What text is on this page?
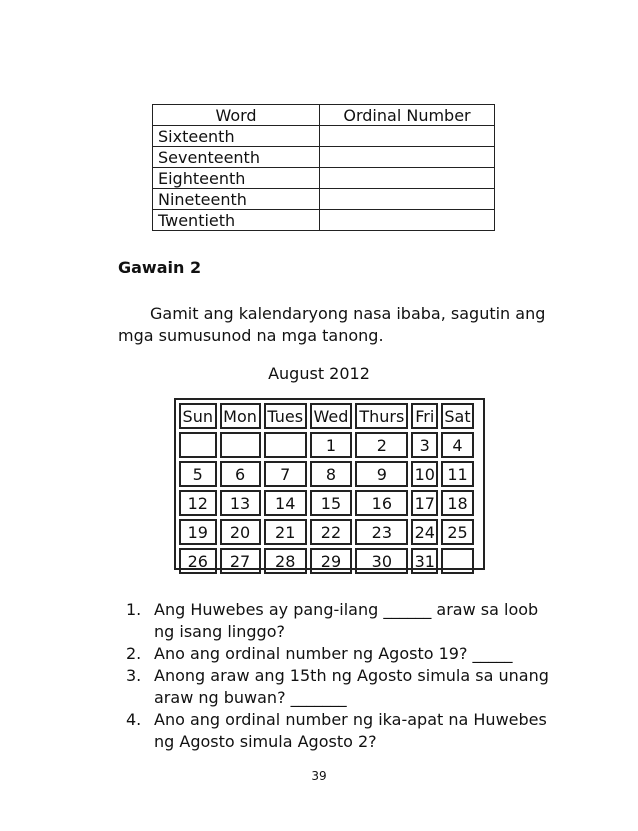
Word	Ordinal Number
Sixteenth	
Seventeenth	
Eighteenth	
Nineteenth	
Twentieth	
Gawain 2
Gamit ang kalendaryong nasa ibaba, sagutin ang mga sumusunod na mga tanong.
August 2012
Sun	Mon	Tues	Wed	Thurs	Fri	Sat
			1	2	3	4
5	6	7	8	9	10	11
12	13	14	15	16	17	18
19	20	21	22	23	24	25
26	27	28	29	30	31	
1. Ang Huwebes ay pang-ilang ______ araw sa loob ng isang linggo?
2. Ano ang ordinal number ng Agosto 19? _____
3. Anong araw ang 15th ng Agosto simula sa unang araw ng buwan? _______
4. Ano ang ordinal number ng ika-apat na Huwebes ng Agosto simula Agosto 2?
39
